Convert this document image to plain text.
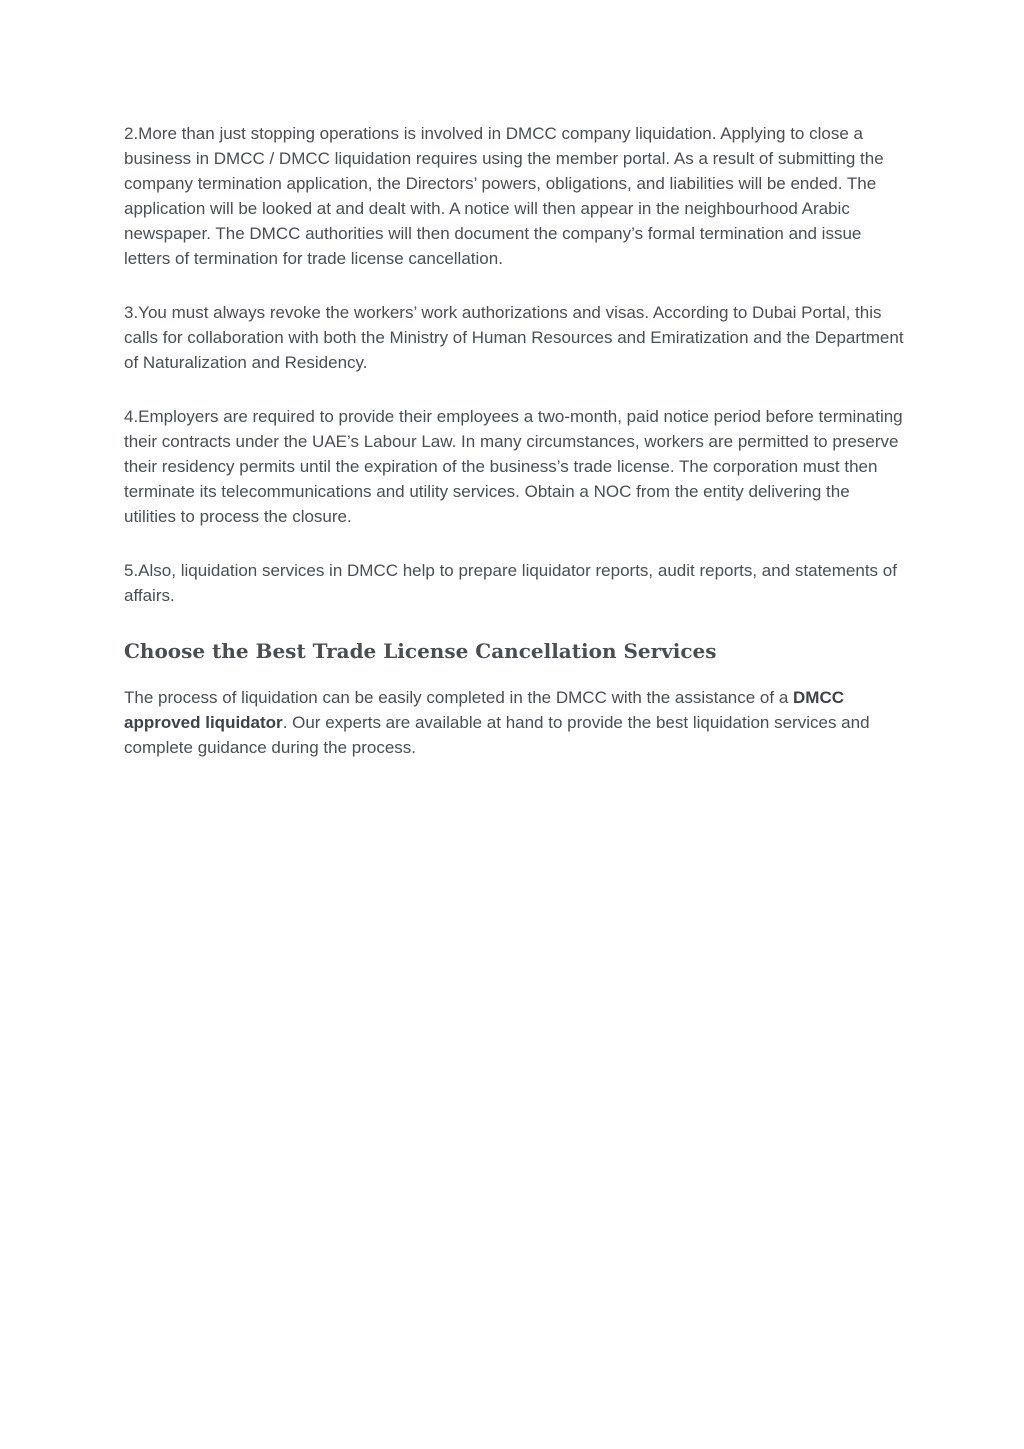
2.More than just stopping operations is involved in DMCC company liquidation. Applying to close a business in DMCC / DMCC liquidation requires using the member portal. As a result of submitting the company termination application, the Directors’ powers, obligations, and liabilities will be ended. The application will be looked at and dealt with. A notice will then appear in the neighbourhood Arabic newspaper. The DMCC authorities will then document the company’s formal termination and issue letters of termination for trade license cancellation.

3.You must always revoke the workers’ work authorizations and visas. According to Dubai Portal, this calls for collaboration with both the Ministry of Human Resources and Emiratization and the Department of Naturalization and Residency.

4.Employers are required to provide their employees a two-month, paid notice period before terminating their contracts under the UAE’s Labour Law. In many circumstances, workers are permitted to preserve their residency permits until the expiration of the business’s trade license. The corporation must then terminate its telecommunications and utility services. Obtain a NOC from the entity delivering the utilities to process the closure.

5.Also, liquidation services in DMCC help to prepare liquidator reports, audit reports, and statements of affairs.

Choose the Best Trade License Cancellation Services

The process of liquidation can be easily completed in the DMCC with the assistance of a DMCC approved liquidator. Our experts are available at hand to provide the best liquidation services and complete guidance during the process.
